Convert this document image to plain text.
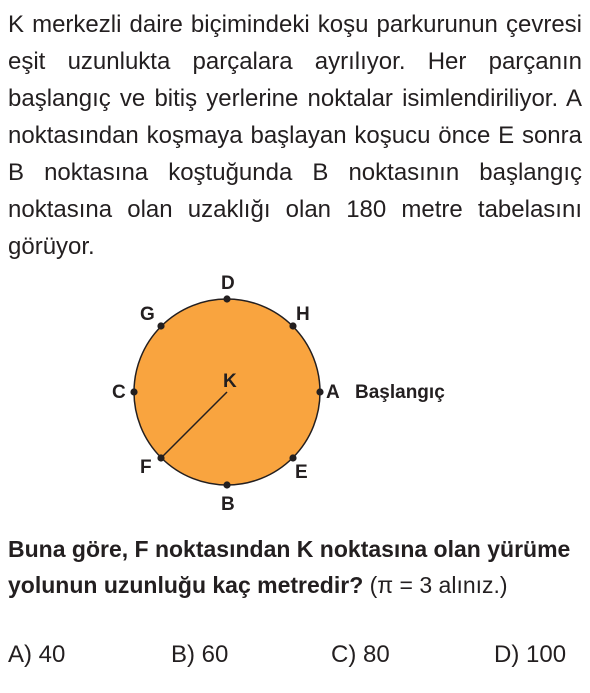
K merkezli daire biçimindeki koşu parkurunun çevresi eşit uzunlukta parçalara ayrılıyor. Her parçanın başlangıç ve bitiş yerlerine noktalar isimlendiriliyor. A noktasından koşmaya başlayan koşucu önce E sonra B noktasına koştuğunda B noktasının başlangıç noktasına olan uzaklığı olan 180 metre tabelasını görüyor.

K
A Başlangıç
E
B
F
C
G
D
H

Buna göre, F noktasından K noktasına olan yürüme yolunun uzunluğu kaç metredir? (π = 3 alınız.)

A) 40	B) 60	C) 80	D) 100
